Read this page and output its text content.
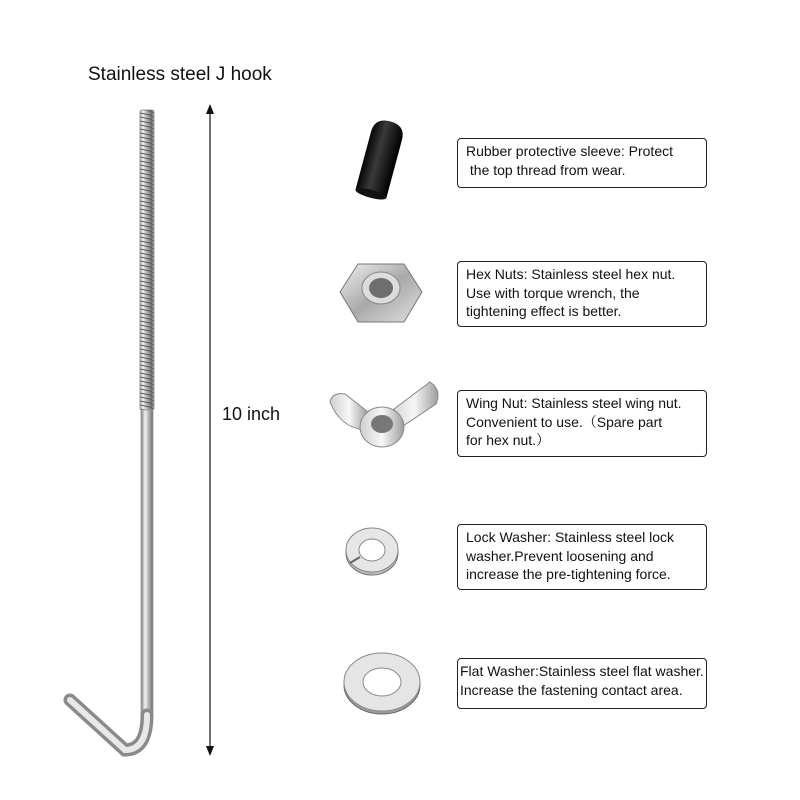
Stainless steel J hook
10 inch
Rubber protective sleeve: Protect
the top thread from wear.
Hex Nuts: Stainless steel hex nut.
Use with torque wrench, the
tightening effect is better.
Wing Nut: Stainless steel wing nut.
Convenient to use.（Spare part
for hex nut.）
Lock Washer: Stainless steel lock
washer.Prevent loosening and
increase the pre-tightening force.
Flat Washer:Stainless steel flat washer.
Increase the fastening contact area.
